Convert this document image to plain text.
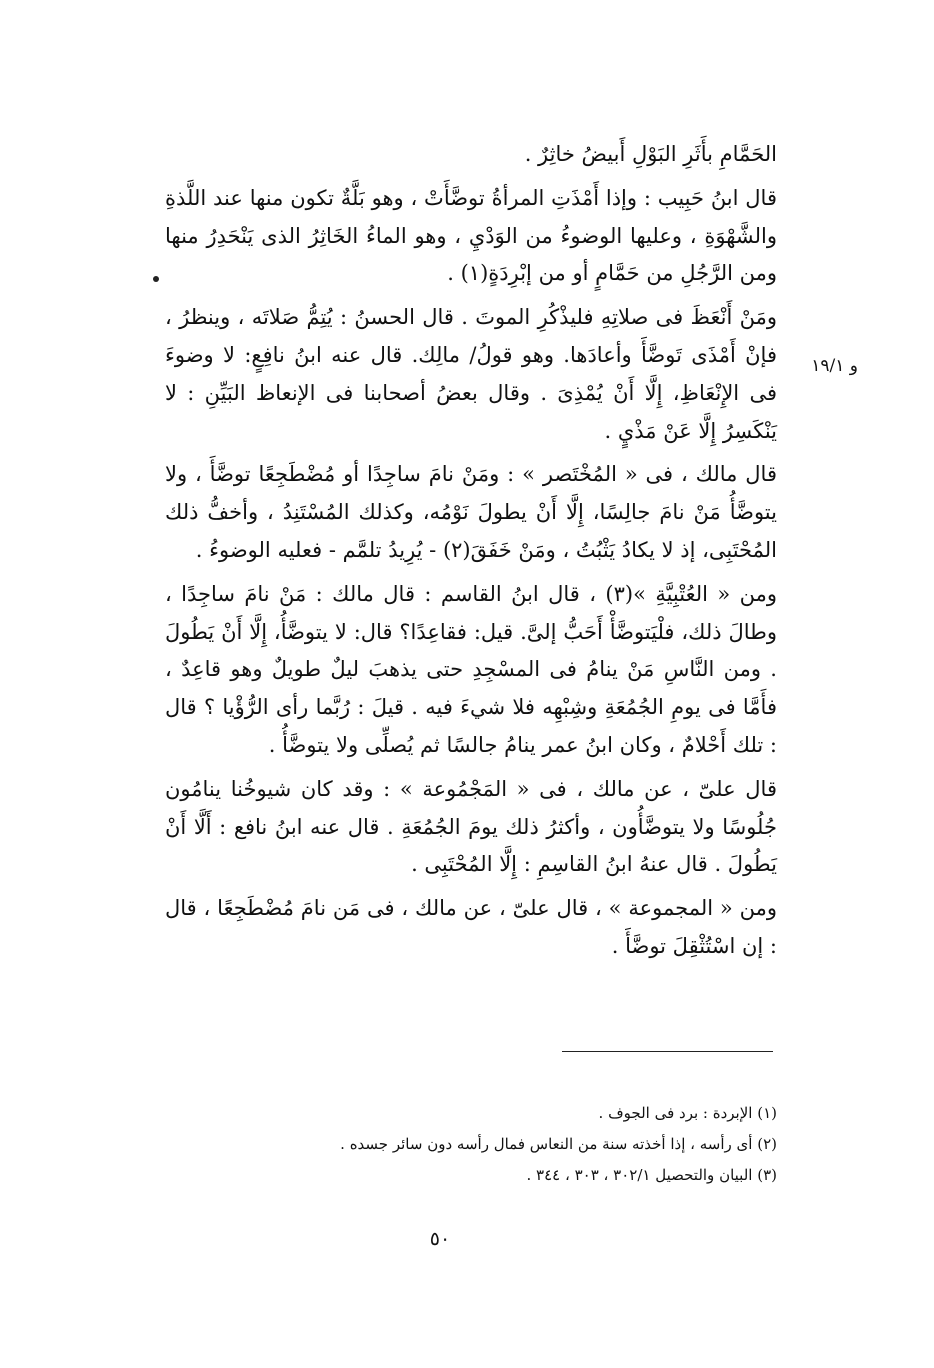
الحَمَّامِ بأَثَرِ البَوْلِ أَبيضُ خاثِرٌ .

قال ابنُ حَبِيب : وإذا أَمْذَتِ المرأةُ توضَّأَتْ ، وهو بَلَّةٌ تكون منها عند اللَّذةِ والشَّهْوَةِ ، وعليها الوضوءُ من الوَدْيِ ، وهو الماءُ الخَاثِرُ الذى يَنْحَدِرُ منها ومن الرَّجُلِ من حَمَّامٍ أو من إبْرِدَةٍ(١) .

ومَنْ أَنْعَظَ فى صلاتِهِ فليذْكُرِ الموتَ . قال الحسنُ : يُتِمُّ صَلاتَه ، وينظرُ ، فإنْ أَمْذَى تَوضَّأَ وأعادَها. وهو قولُ/ مالِك. قال عنه ابنُ نافِعٍ: لا وضوءَ فى الإِنْعَاظِ، إِلَّا أَنْ يُمْذِىَ . وقال بعضُ أصحابنا فى الإنعاظ البَيِّنِ : لا يَنْكَسِرُ إِلَّا عَنْ مَذْيٍ .

قال مالك ، فى « المُخْتَصر » : ومَنْ نامَ ساجِدًا أو مُضْطَجِعًا توضَّأَ ، ولا يتوضَّأُ مَنْ نامَ جالِسًا، إِلَّا أَنْ يطولَ نَوْمُه، وكذلك المُسْتَنِدُ ، وأخفُّ ذلك المُحْتَبِى، إذ لا يكادُ يَثْبُتُ ، ومَنْ خَفَقَ(٢) - يُرِيدُ تلمَّم - فعليه الوضوءُ .

ومن « العُتْبِيَّةِ »(٣) ، قال ابنُ القاسم : قال مالك : مَنْ نامَ ساجِدًا ، وطالَ ذلك، فلْيَتوضَّأْ أَحَبُّ إلىَّ. قيل: فقاعِدًا؟ قال: لا يتوضَّأُ، إِلَّا أَنْ يَطُولَ . ومن النَّاسِ مَنْ ينامُ فى المسْجِدِ حتى يذهبَ ليلٌ طويلٌ وهو قاعِدٌ ، فأَمَّا فى يومِ الجُمُعَةِ وشِبْهِه فلا شيءَ فيه . قيلَ : رُبَّما رأى الرُّؤْيا ؟ قال : تلك أَحْلامٌ ، وكان ابنُ عمر ينامُ جالسًا ثم يُصلِّى ولا يتوضَّأُ .

قال علىّ ، عن مالك ، فى « المَجْمُوعة » : وقد كان شيوخُنا ينامُون جُلُوسًا ولا يتوضَّأُون ، وأكثرُ ذلك يومَ الجُمُعَةِ . قال عنه ابنُ نافع : أَلَّا أَنْ يَطُولَ . قال عنهُ ابنُ القاسِمِ : إِلَّا المُحْتَبِى .

ومن « المجموعة » ، قال علىّ ، عن مالك ، فى مَن نامَ مُضْطَجِعًا ، قال : إن اسْتُثْقِلَ توضَّأَ .

و ١٩/١

(١) الإبردة : برد فى الجوف .

(٢) أى رأسه ، إذا أخذته سنة من النعاس فمال رأسه دون سائر جسده .

(٣) البيان والتحصيل ٣٠٢/١ ، ٣٠٣ ، ٣٤٤ .

٥٠
